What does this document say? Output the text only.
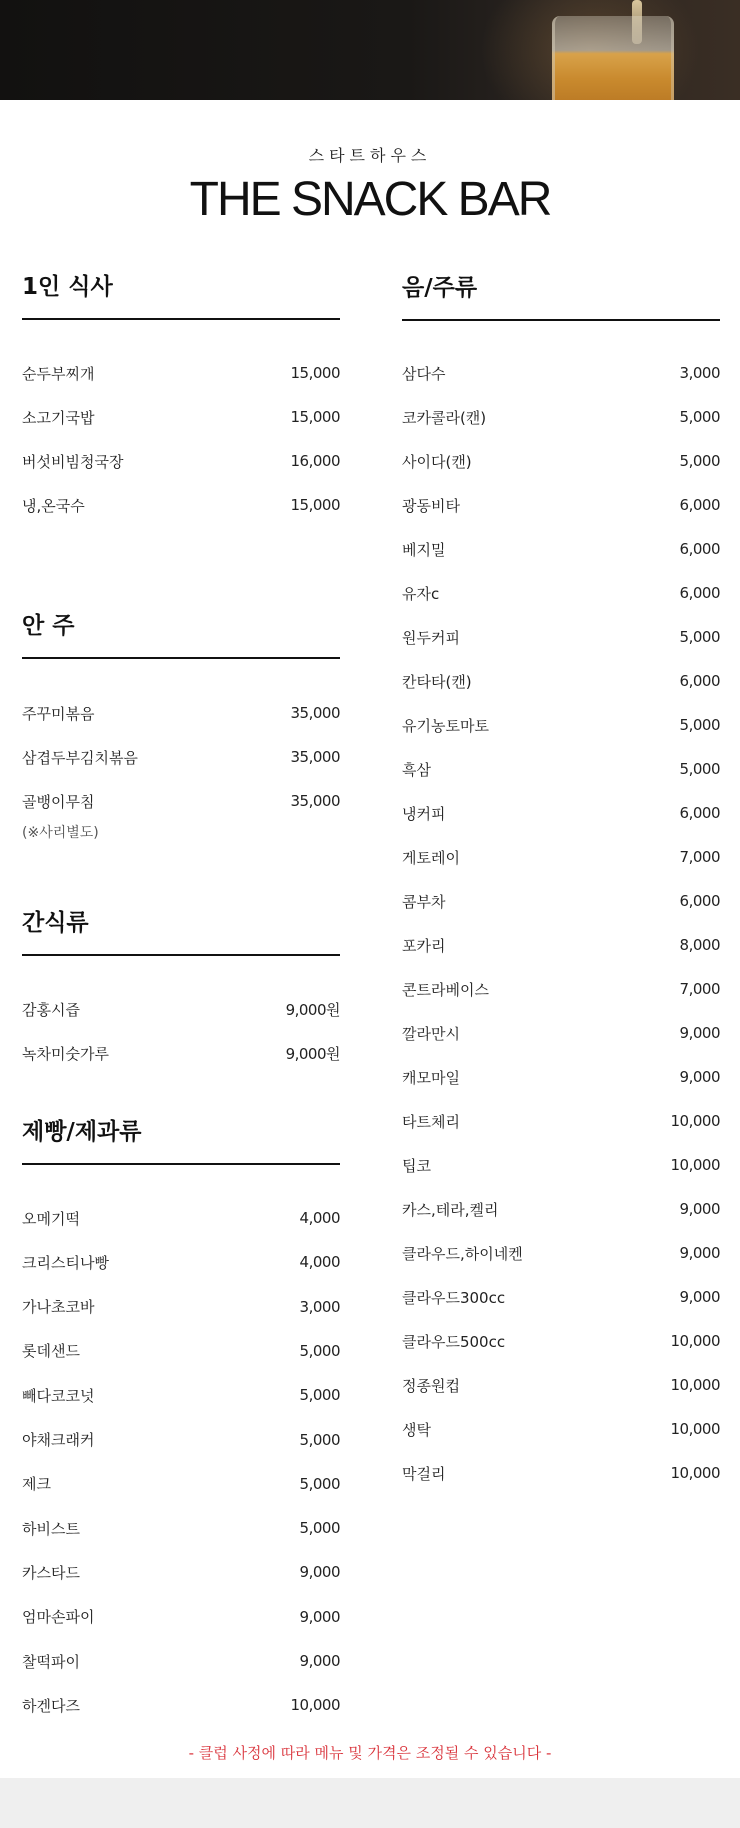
스타트하우스
THE SNACK BAR
1인 식사
순두부찌개	15,000
소고기국밥	15,000
버섯비빔청국장	16,000
냉,온국수	15,000
안 주
주꾸미볶음	35,000
삼겹두부김치볶음	35,000
골뱅이무침	35,000
(※사리별도)
간식류
감홍시즙	9,000원
녹차미숫가루	9,000원
제빵/제과류
오메기떡	4,000
크리스티나빵	4,000
가나초코바	3,000
롯데샌드	5,000
빼다코코넛	5,000
야채크래커	5,000
제크	5,000
하비스트	5,000
카스타드	9,000
엄마손파이	9,000
찰떡파이	9,000
하겐다즈	10,000
음/주류
삼다수	3,000
코카콜라(캔)	5,000
사이다(캔)	5,000
광동비타	6,000
베지밀	6,000
유자c	6,000
원두커피	5,000
칸타타(캔)	6,000
유기농토마토	5,000
흑삼	5,000
냉커피	6,000
게토레이	7,000
콤부차	6,000
포카리	8,000
콘트라베이스	7,000
깔라만시	9,000
캐모마일	9,000
타트체리	10,000
팁코	10,000
카스,테라,켈리	9,000
클라우드,하이네켄	9,000
클라우드300cc	9,000
클라우드500cc	10,000
정종원컵	10,000
생탁	10,000
막걸리	10,000
- 클럽 사정에 따라 메뉴 및 가격은 조정될 수 있습니다 -
